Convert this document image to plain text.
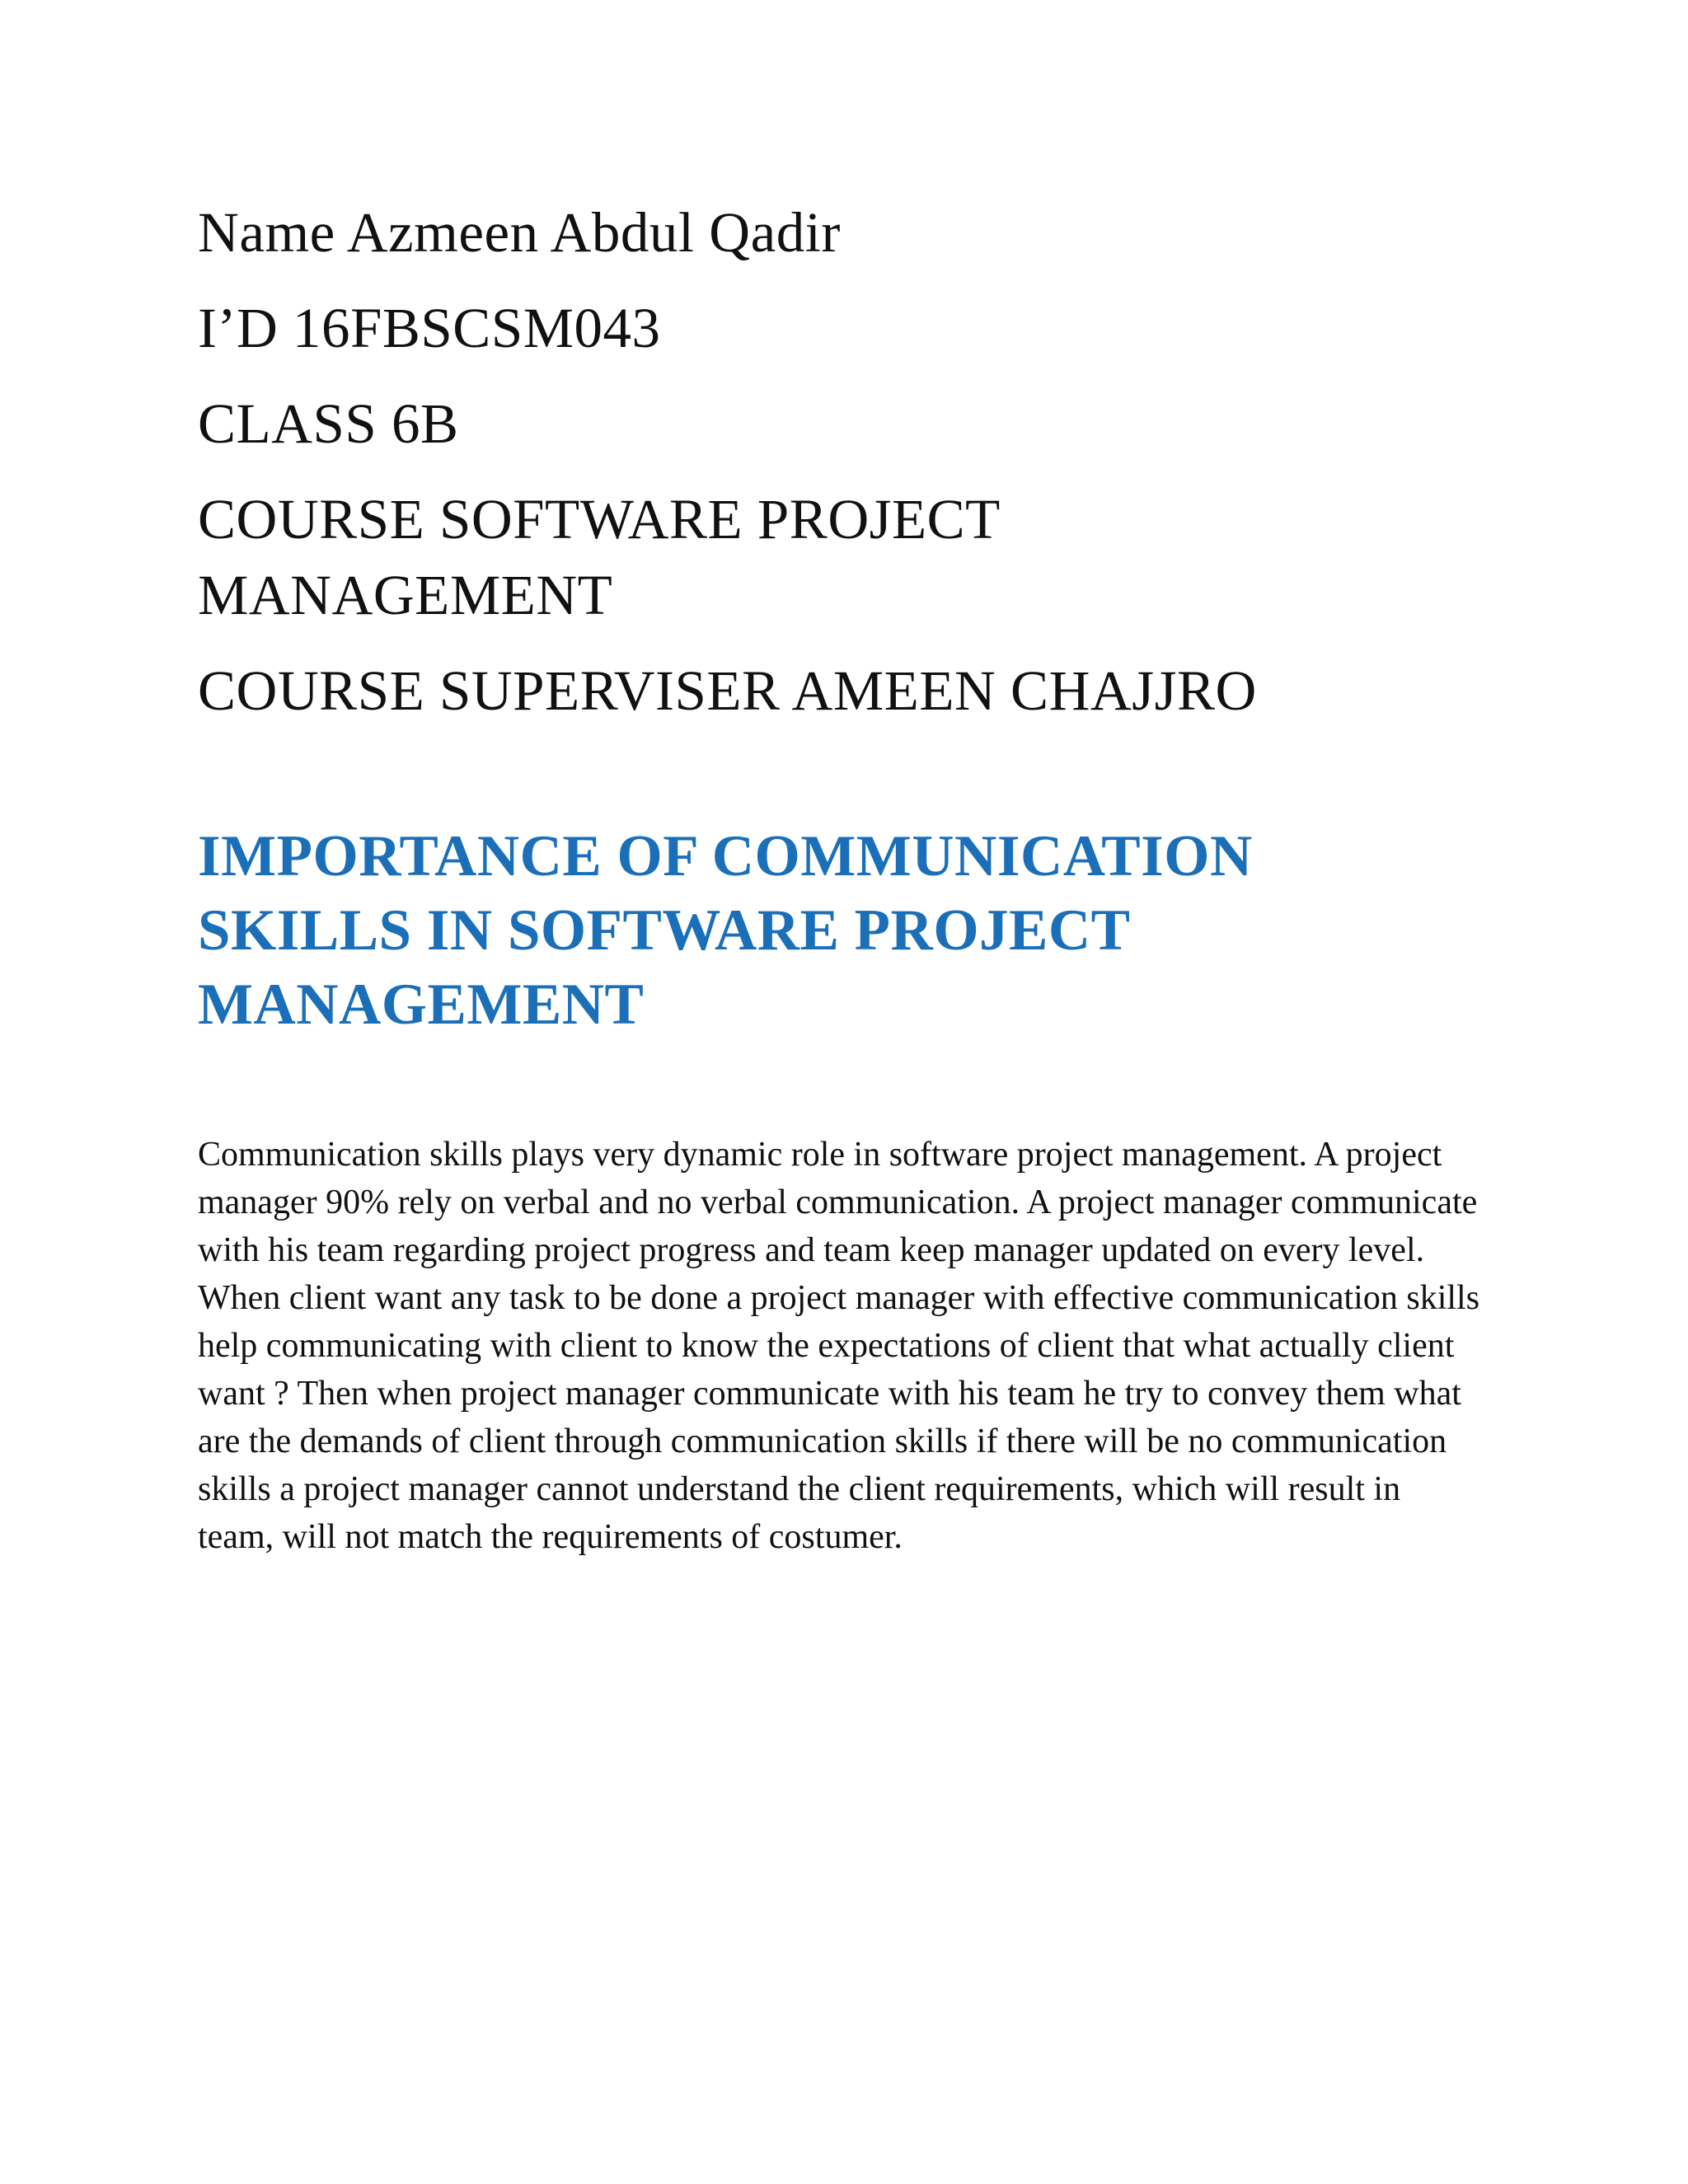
Name Azmeen Abdul Qadir
I’D 16FBSCSM043
CLASS 6B
COURSE SOFTWARE PROJECT MANAGEMENT
COURSE SUPERVISER AMEEN CHAJJRO
IMPORTANCE OF COMMUNICATION SKILLS IN SOFTWARE PROJECT MANAGEMENT
Communication skills plays very dynamic role in software project management. A project manager 90% rely on verbal and no verbal communication. A project manager communicate with his team regarding project progress and team keep manager updated on every level. When client want any task to be done a project manager with effective communication skills help communicating with client to know the expectations of client that what actually client want ? Then when project manager communicate with his team he try to convey them what are the demands of client through communication skills if there will be no communication skills a project manager cannot understand the client requirements, which will result in team, will not match the requirements of costumer.
